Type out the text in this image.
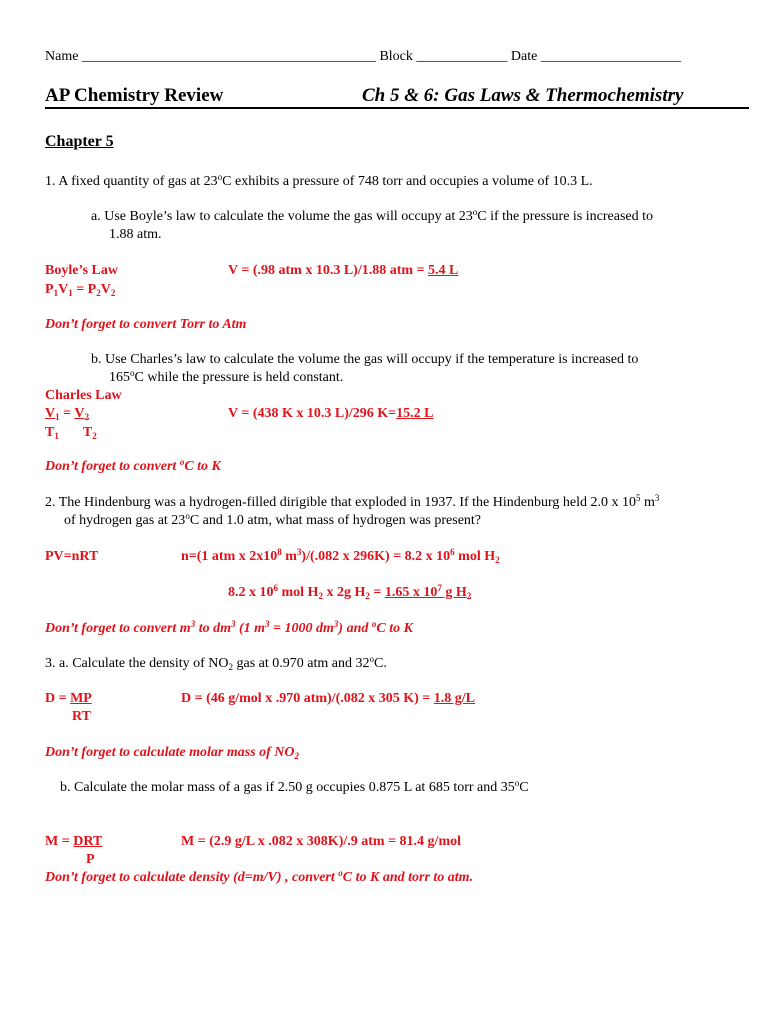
Name __________________________________________ Block _____________ Date ____________________
AP Chemistry Review	Ch 5 & 6: Gas Laws & Thermochemistry
Chapter 5
1. A fixed quantity of gas at 23$^o$C exhibits a pressure of 748 torr and occupies a volume of 10.3 L.
a. Use Boyle’s law to calculate the volume the gas will occupy at 23$^o$C if the pressure is increased to
1.88 atm.
Boyle’s Law
$P_1V_1 = P_2V_2$
V = (.98 atm x 10.3 L)/1.88 atm = 5.4 L
Don’t forget to convert Torr to Atm
b. Use Charles’s law to calculate the volume the gas will occupy if the temperature is increased to
165$^o$C while the pressure is held constant.
Charles Law
$V_1 = V_2$
$T_1$ $T_2$
V = (438 K x 10.3 L)/296 K=15.2 L
Don’t forget to convert $^o$C to K
2. The Hindenburg was a hydrogen-filled dirigible that exploded in 1937. If the Hindenburg held 2.0 x $10^5$ $m^3$
of hydrogen gas at 23$^o$C and 1.0 atm, what mass of hydrogen was present?
PV=nRT	n=(1 atm x $2x10^8$ $m^3)/(.082$ x 296K) = 8.2 x $10^6$ mol $H_2$
8.2 x $10^6$ mol $H_2$ x 2g $H_2 = 1.65$ x $10^7$ g $H_2$
Don’t forget to convert $m^3$ to $dm^3$ (1 $m^3 = 1000$ $dm^3$) and $^o$C to K
3. a. Calculate the density of $NO_2$ gas at 0.970 atm and 32$^o$C.
D = MP
RT
D = (46 g/mol x .970 atm)/(.082 x 305 K) = 1.8 g/L
Don’t forget to calculate molar mass of $NO_2$
b. Calculate the molar mass of a gas if 2.50 g occupies 0.875 L at 685 torr and 35$^o$C
M = DRT
P
M = (2.9 g/L x .082 x 308K)/.9 atm = 81.4 g/mol
Don’t forget to calculate density (d=m/V) , convert $^o$C to K and torr to atm.
